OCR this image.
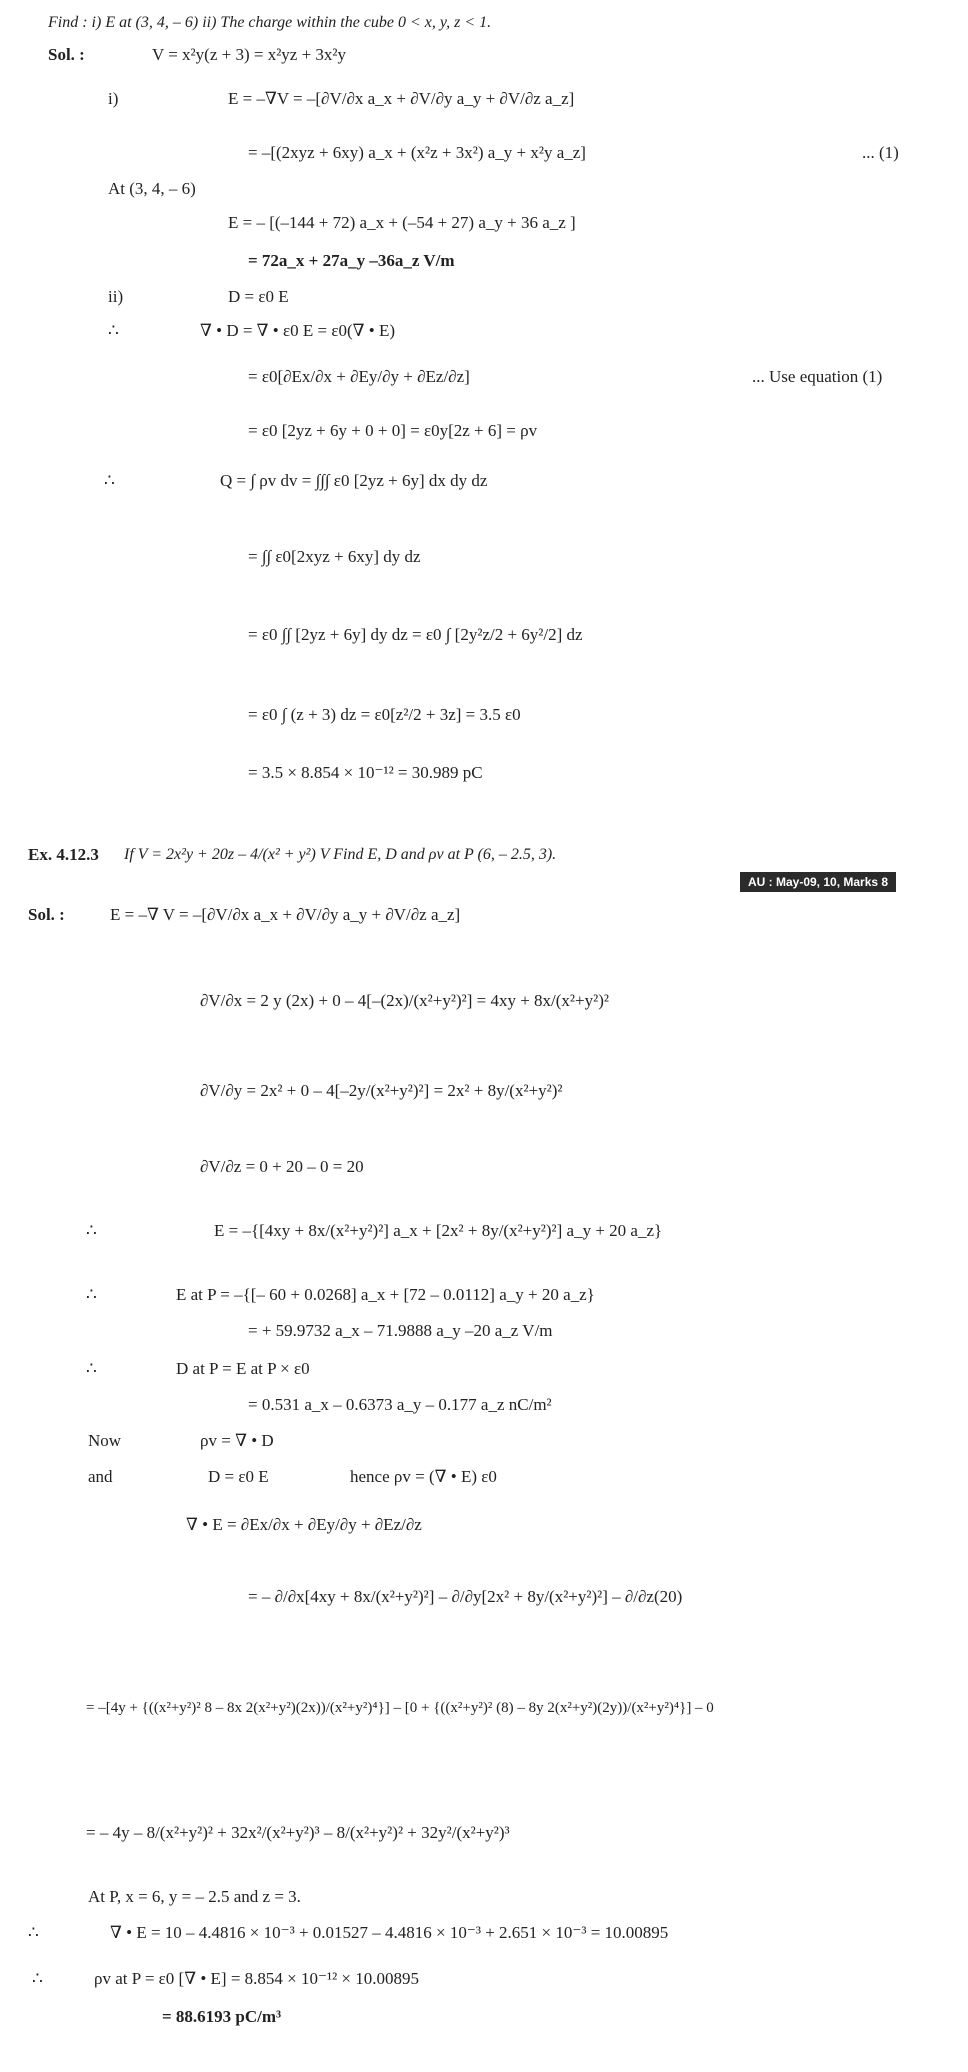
Find : i) E at (3, 4, – 6) ii) The charge within the cube 0 < x, y, z < 1.
Sol. :	V = x²y(z + 3) = x²yz + 3x²y
i)	E = –∇V = –[∂V/∂x a_x + ∂V/∂y a_y + ∂V/∂z a_z]
= –[(2xyz + 6xy) a_x + (x²z + 3x²) a_y + x²y a_z]	... (1)
At (3, 4, – 6)
E = – [(–144 + 72) a_x + (–54 + 27) a_y + 36 a_z ]
= 72a_x + 27a_y –36a_z V/m
ii)	D = ε0 E
∴	∇ • D = ∇ • ε0 E = ε0(∇ • E)
= ε0[∂Ex/∂x + ∂Ey/∂y + ∂Ez/∂z]	... Use equation (1)
= ε0 [2yz + 6y + 0 + 0] = ε0y[2z + 6] = ρv
∴	Q = ∫ ρv dv = ∫∫∫ ε0 [2yz + 6y] dx dy dz
= ∫∫ ε0[2xyz + 6xy] dy dz
= ε0 ∫∫ [2yz + 6y] dy dz = ε0 ∫ [2y²z/2 + 6y²/2] dz
= ε0 ∫ (z + 3) dz = ε0[z²/2 + 3z] = 3.5 ε0
= 3.5 × 8.854 × 10⁻¹² = 30.989 pC
Ex. 4.12.3 If V = 2x²y + 20z – 4/(x² + y²) V Find E, D and ρv at P (6, – 2.5, 3).
AU : May-09, 10, Marks 8
Sol. :	E = –∇ V = –[∂V/∂x a_x + ∂V/∂y a_y + ∂V/∂z a_z]
∂V/∂x = 2 y (2x) + 0 – 4[–(2x)/(x²+y²)²] = 4xy + 8x/(x²+y²)²
∂V/∂y = 2x² + 0 – 4[–2y/(x²+y²)²] = 2x² + 8y/(x²+y²)²
∂V/∂z = 0 + 20 – 0 = 20
∴	E = –{[4xy + 8x/(x²+y²)²] a_x + [2x² + 8y/(x²+y²)²] a_y + 20 a_z}
∴	E at P = –{[– 60 + 0.0268] a_x + [72 – 0.0112] a_y + 20 a_z}
= + 59.9732 a_x – 71.9888 a_y –20 a_z V/m
∴	D at P = E at P × ε0
= 0.531 a_x – 0.6373 a_y – 0.177 a_z nC/m²
Now	ρv = ∇ • D
and	D = ε0 E	hence ρv = (∇ • E) ε0
∇ • E = ∂Ex/∂x + ∂Ey/∂y + ∂Ez/∂z
= – ∂/∂x[4xy + 8x/(x²+y²)²] – ∂/∂y[2x² + 8y/(x²+y²)²] – ∂/∂z(20)
= –[4y + {((x²+y²)² 8 – 8x 2(x²+y²)(2x))/(x²+y²)⁴}] – [0 + {((x²+y²)² (8) – 8y 2(x²+y²)(2y))/(x²+y²)⁴}] – 0
= – 4y – 8/(x²+y²)² + 32x²/(x²+y²)³ – 8/(x²+y²)² + 32y²/(x²+y²)³
At P, x = 6, y = – 2.5 and z = 3.
∴	∇ • E = 10 – 4.4816 × 10⁻³ + 0.01527 – 4.4816 × 10⁻³ + 2.651 × 10⁻³ = 10.00895
∴	ρv at P = ε0 [∇ • E] = 8.854 × 10⁻¹² × 10.00895
= 88.6193 pC/m³
